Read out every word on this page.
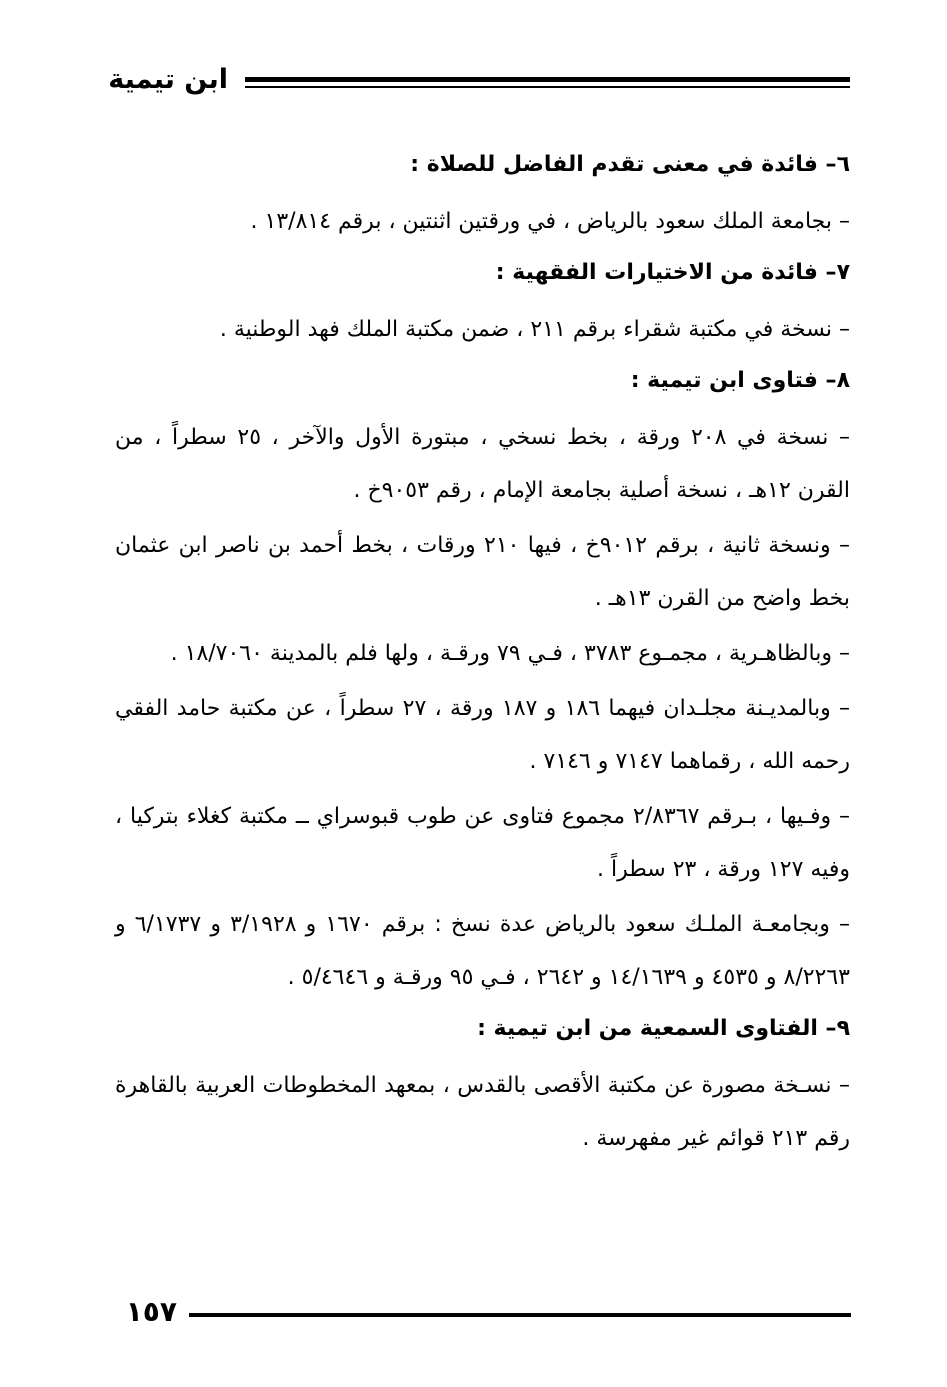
ابن تيمية

٦– فائدة في معنى تقدم الفاضل للصلاة :

– بجامعة الملك سعود بالرياض ، في ورقتين اثنتين ، برقم ١٣/٨١٤ .

٧– فائدة من الاختيارات الفقهية :

– نسخة في مكتبة شقراء برقم ٢١١ ، ضمن مكتبة الملك فهد الوطنية .

٨– فتاوى ابن تيمية :

– نسخة في ٢٠٨ ورقة ، بخط نسخي ، مبتورة الأول والآخر ، ٢٥ سطراً ، من القرن ١٢هـ ، نسخة أصلية بجامعة الإمام ، رقم ٩٠٥٣خ .

– ونسخة ثانية ، برقم ٩٠١٢خ ، فيها ٢١٠ ورقات ، بخط أحمد بن ناصر ابن عثمان بخط واضح من القرن ١٣هـ .

– وبالظاهـرية ، مجمـوع ٣٧٨٣ ، فـي ٧٩ ورقـة ، ولها فلم بالمدينة ١٨/٧٠٦٠ .

– وبالمديـنة مجلـدان فيهما ١٨٦ و ١٨٧ ورقة ، ٢٧ سطراً ، عن مكتبة حامد الفقي رحمه الله ، رقماهما ٧١٤٧ و ٧١٤٦ .

– وفـيها ، بـرقم ٢/٨٣٦٧ مجموع فتاوى عن طوب قبوسراي ــ مكتبة كغلاء بتركيا ، وفيه ١٢٧ ورقة ، ٢٣ سطراً .

– وبجامعـة الملـك سعود بالرياض عدة نسخ : برقم ١٦٧٠ و ٣/١٩٢٨ و ٦/١٧٣٧ و ٨/٢٢٦٣ و ٤٥٣٥ و ١٤/١٦٣٩ و ٢٦٤٢ ، فـي ٩٥ ورقـة و ٥/٤٦٤٦ .

٩– الفتاوى السمعية من ابن تيمية :

– نسـخة مصورة عن مكتبة الأقصى بالقدس ، بمعهد المخطوطات العربية بالقاهرة رقم ٢١٣ قوائم غير مفهرسة .

١٥٧
